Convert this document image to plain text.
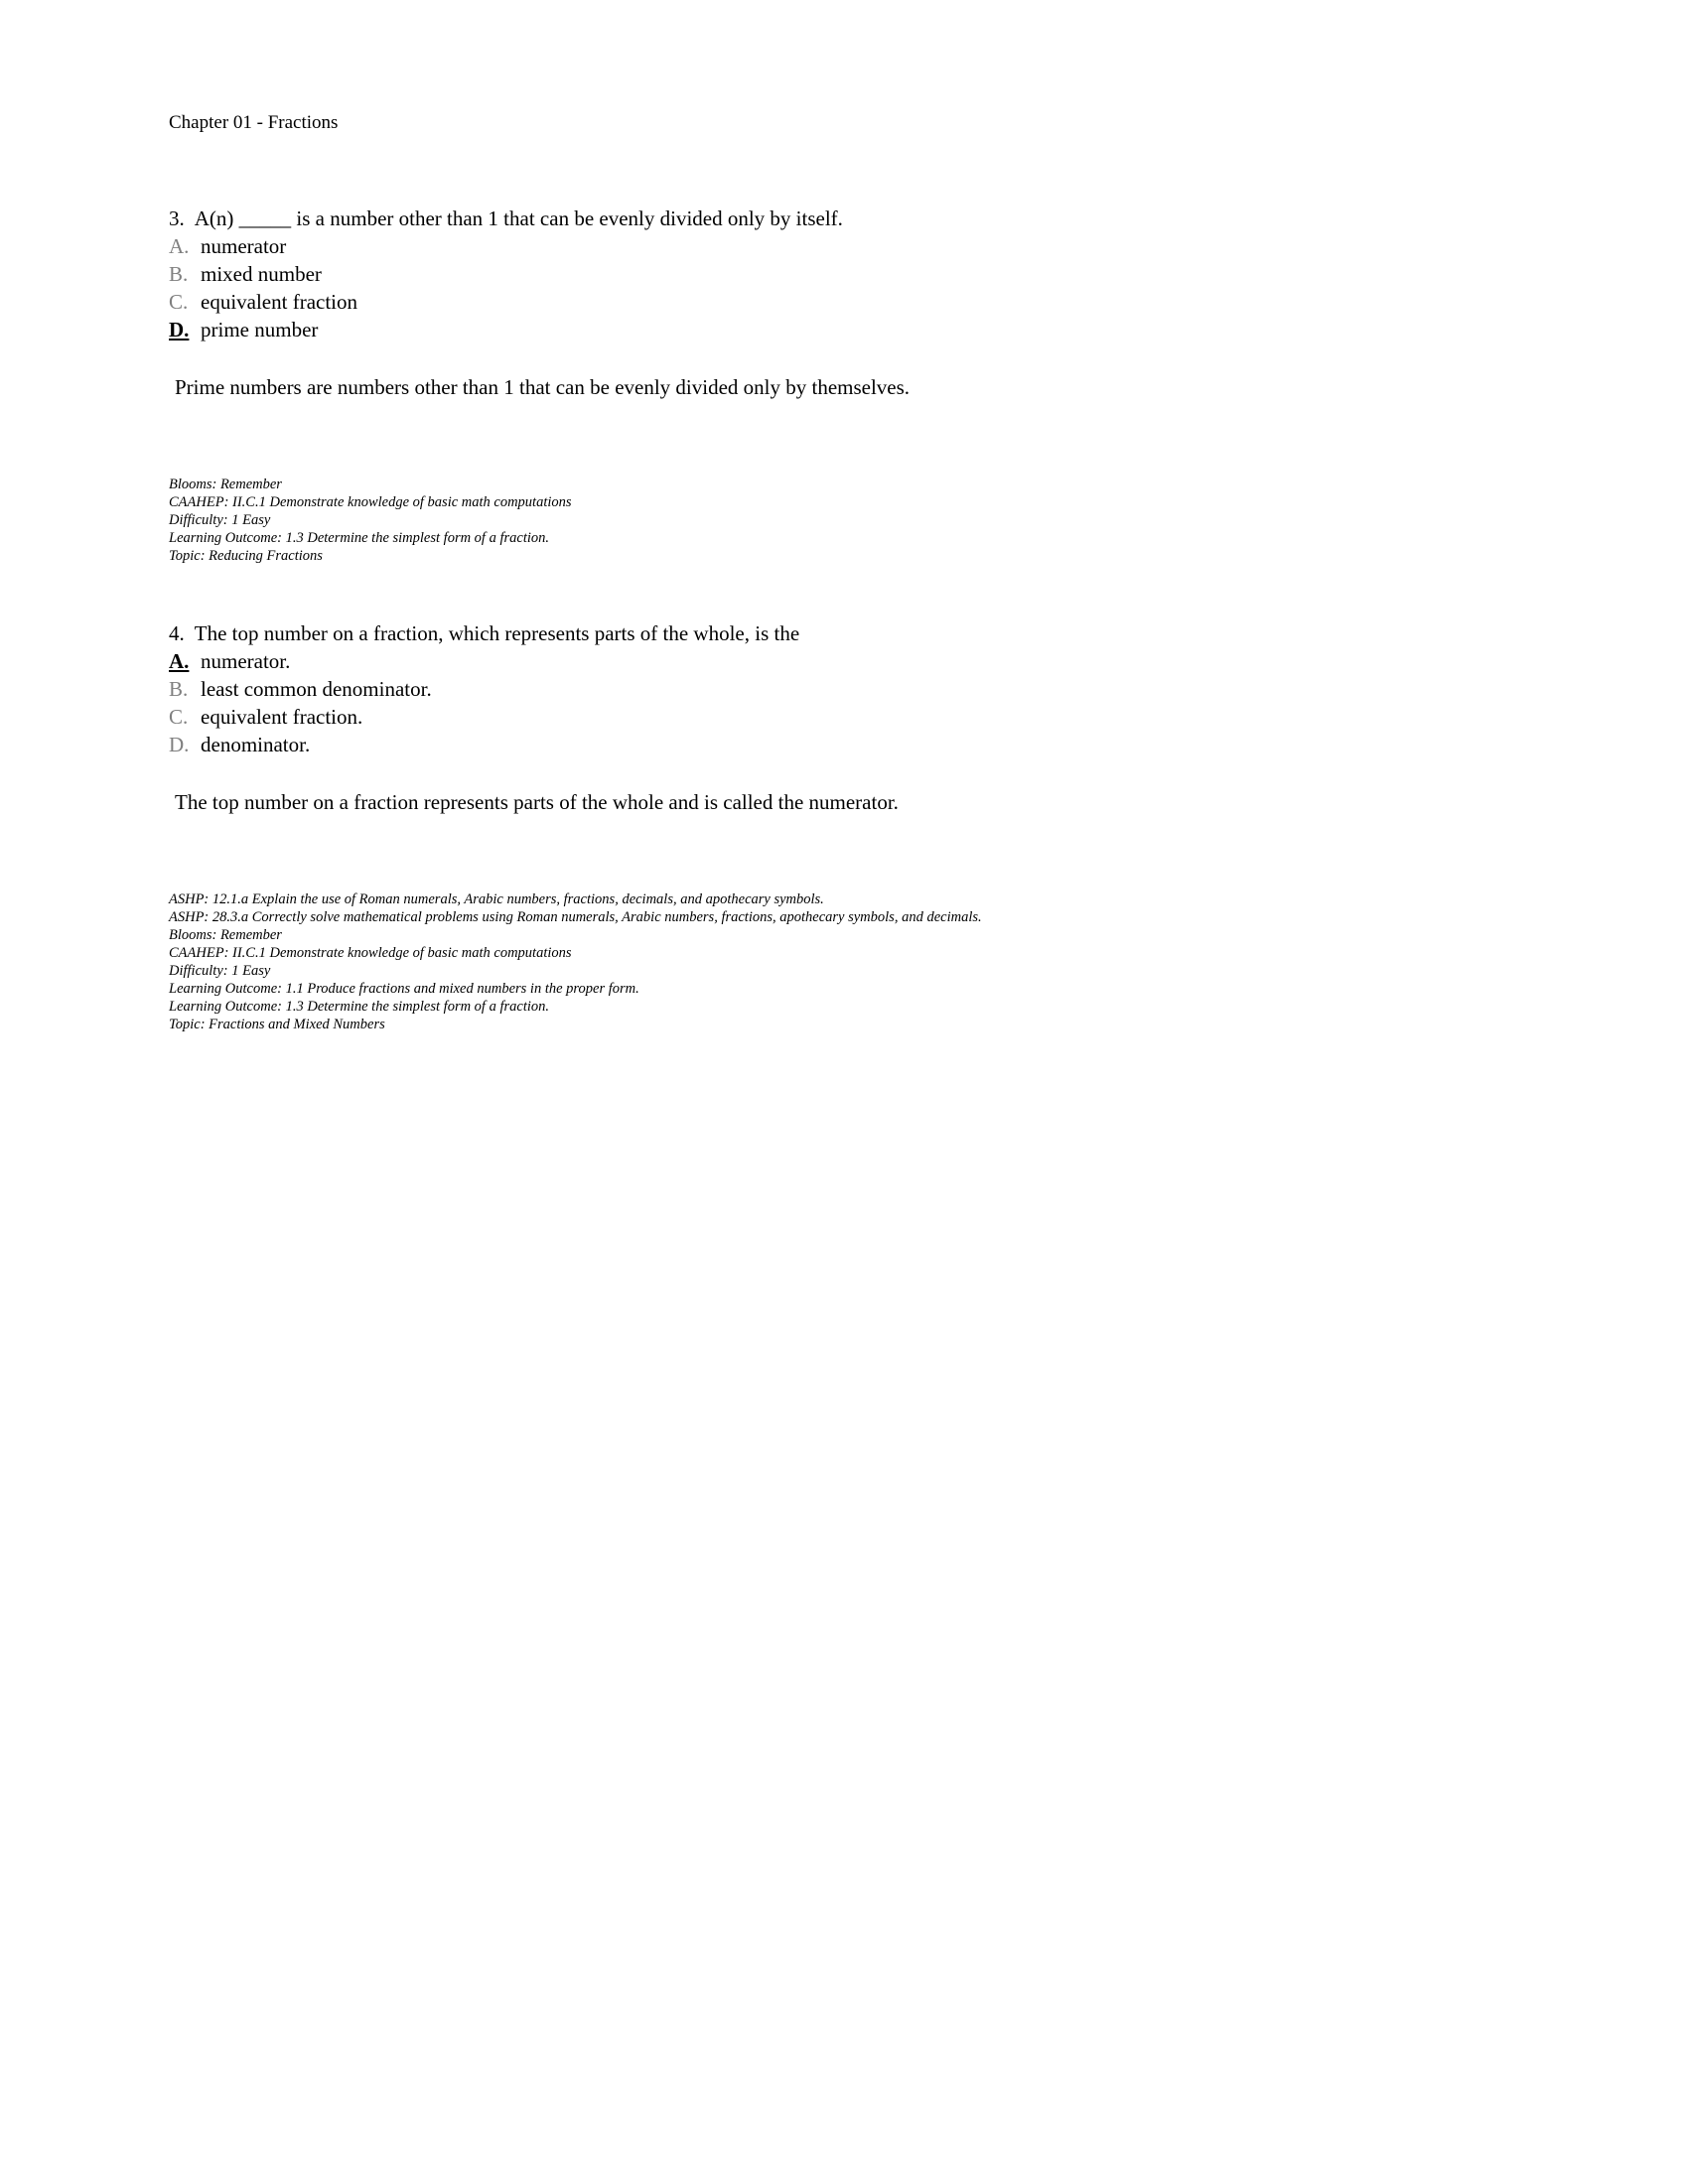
Chapter 01 - Fractions
3. A(n) _____ is a number other than 1 that can be evenly divided only by itself.
A. numerator
B. mixed number
C. equivalent fraction
D. prime number
Prime numbers are numbers other than 1 that can be evenly divided only by themselves.
Blooms: Remember
CAAHEP: II.C.1 Demonstrate knowledge of basic math computations
Difficulty: 1 Easy
Learning Outcome: 1.3 Determine the simplest form of a fraction.
Topic: Reducing Fractions
4. The top number on a fraction, which represents parts of the whole, is the
A. numerator.
B. least common denominator.
C. equivalent fraction.
D. denominator.
The top number on a fraction represents parts of the whole and is called the numerator.
ASHP: 12.1.a Explain the use of Roman numerals, Arabic numbers, fractions, decimals, and apothecary symbols.
ASHP: 28.3.a Correctly solve mathematical problems using Roman numerals, Arabic numbers, fractions, apothecary symbols, and decimals.
Blooms: Remember
CAAHEP: II.C.1 Demonstrate knowledge of basic math computations
Difficulty: 1 Easy
Learning Outcome: 1.1 Produce fractions and mixed numbers in the proper form.
Learning Outcome: 1.3 Determine the simplest form of a fraction.
Topic: Fractions and Mixed Numbers
